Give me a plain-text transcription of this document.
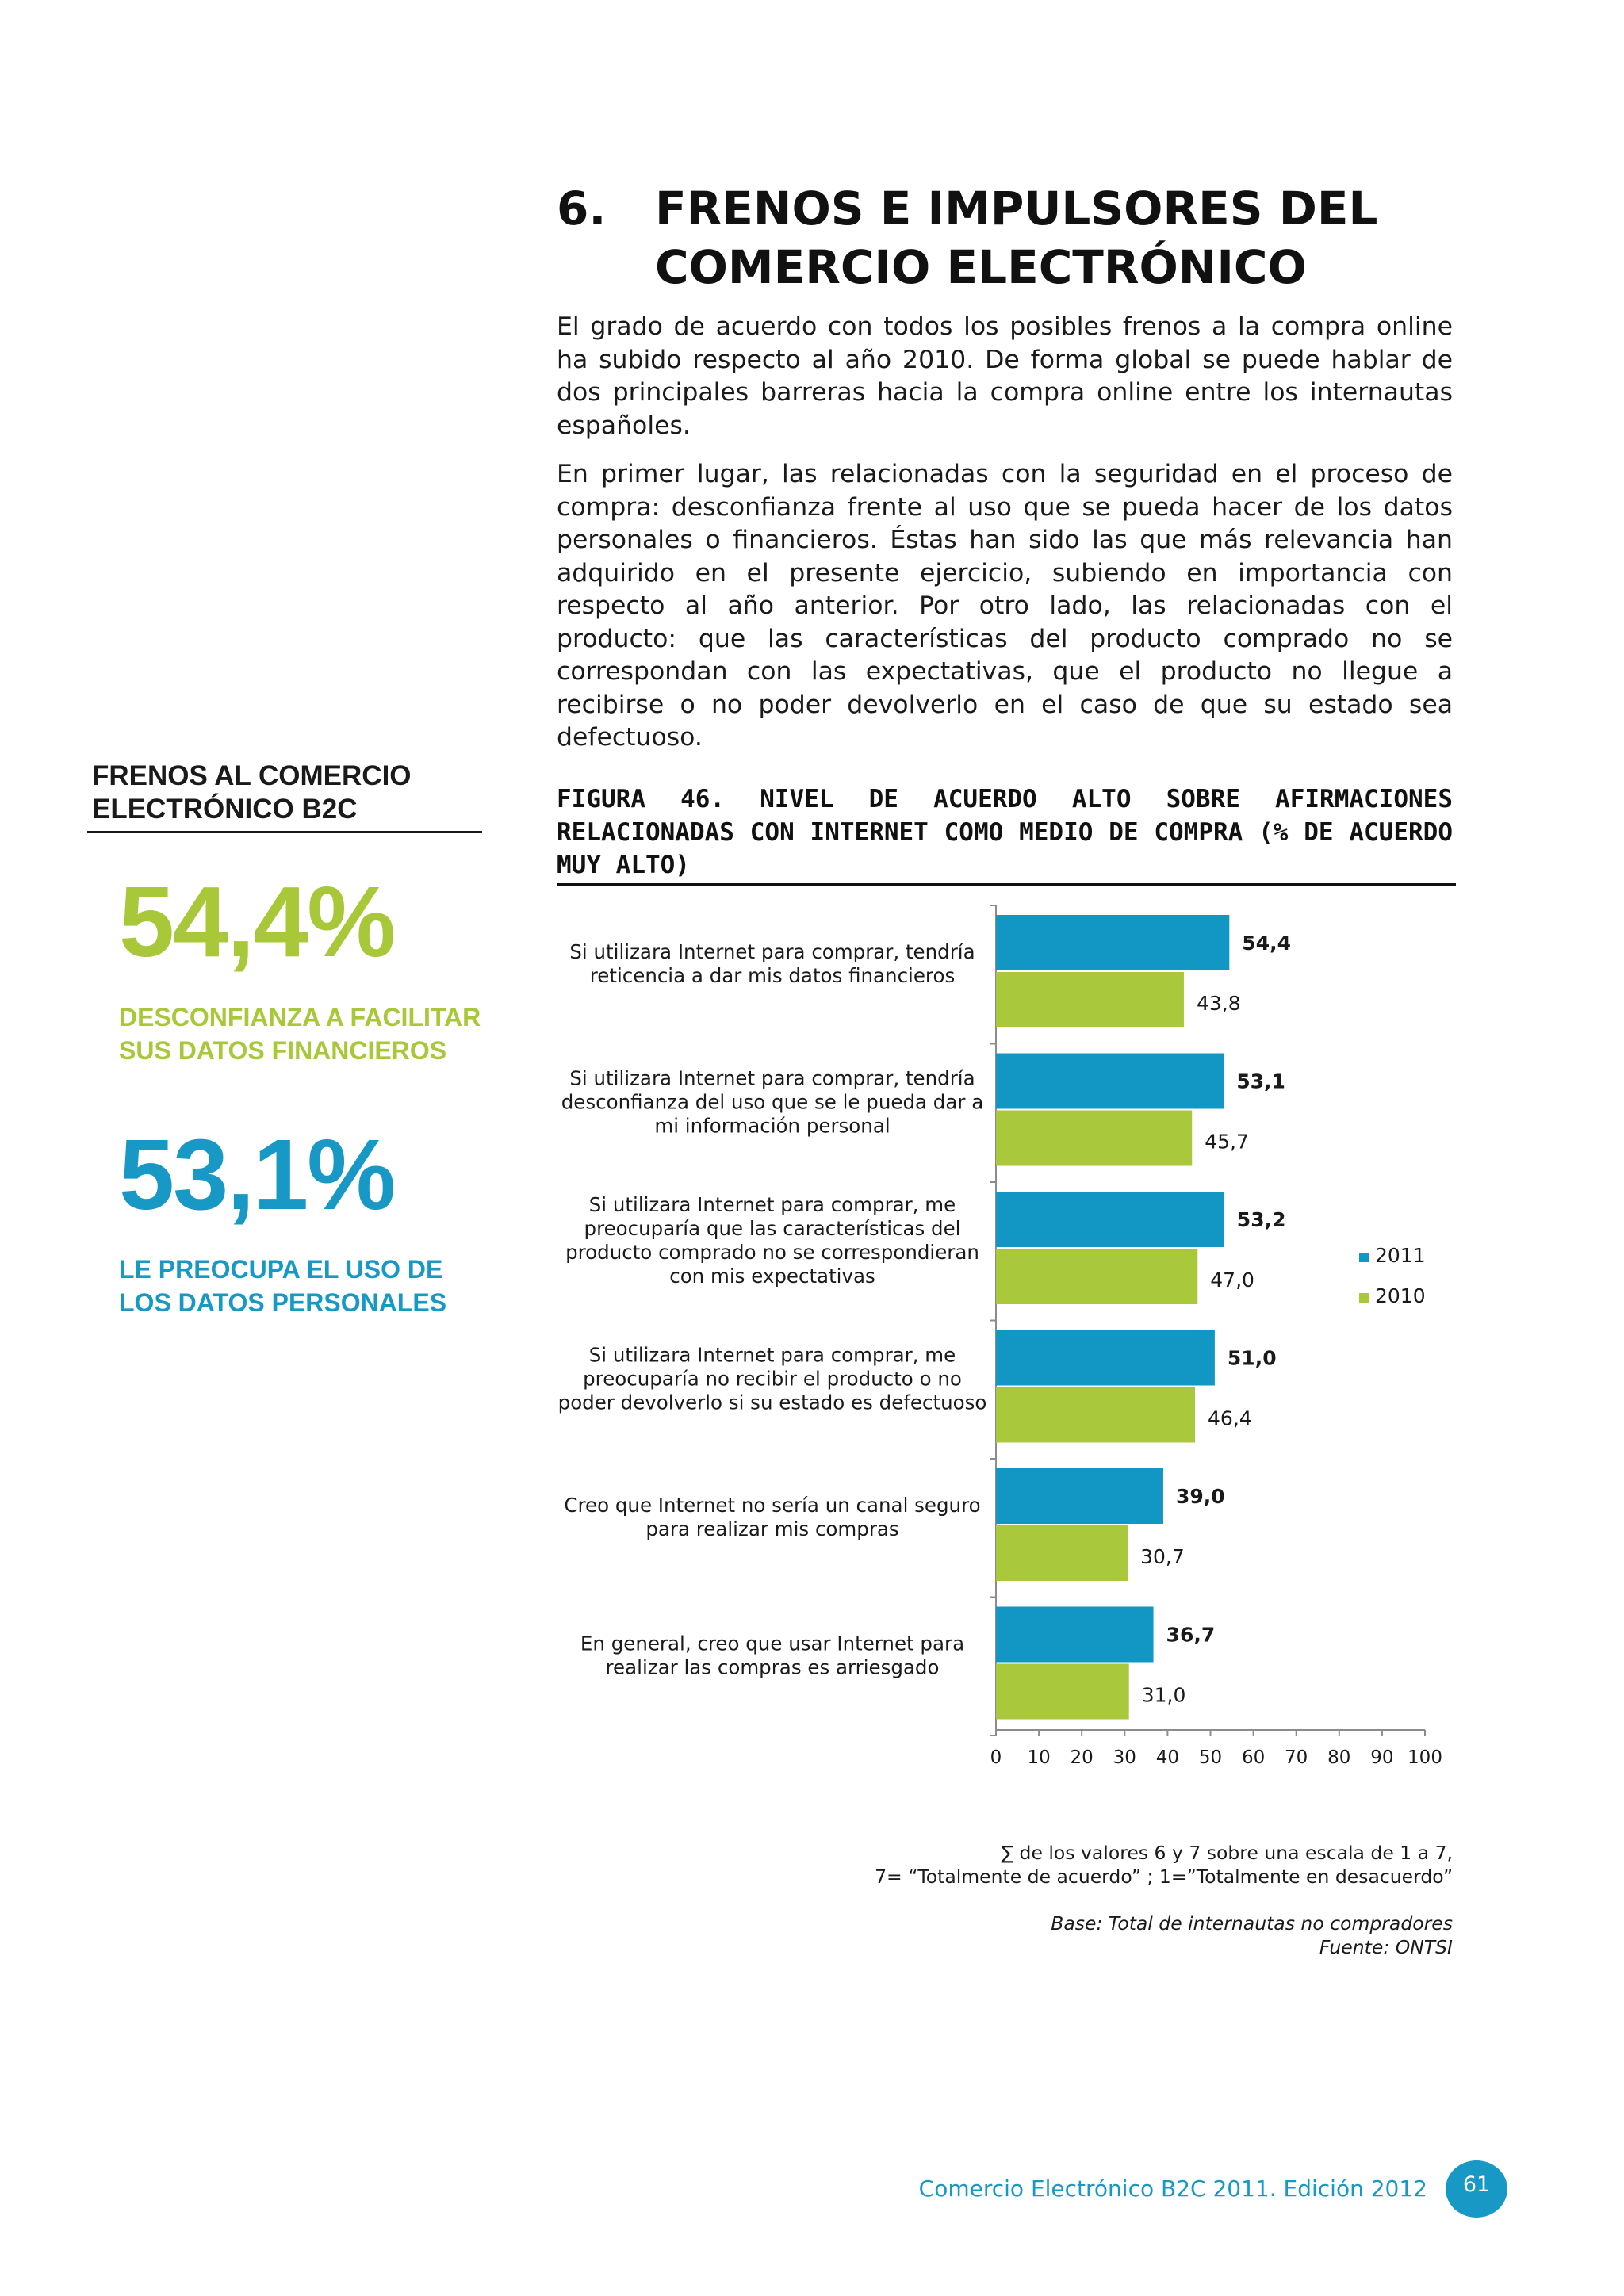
6. FRENOS E IMPULSORES DEL
COMERCIO ELECTRÓNICO

El grado de acuerdo con todos los posibles frenos a la compra online ha subido respecto al año 2010. De forma global se puede hablar de dos principales barreras hacia la compra online entre los internautas españoles.

En primer lugar, las relacionadas con la seguridad en el proceso de compra: desconfianza frente al uso que se pueda hacer de los datos personales o financieros. Éstas han sido las que más relevancia han adquirido en el presente ejercicio, subiendo en importancia con respecto al año anterior. Por otro lado, las relacionadas con el producto: que las características del producto comprado no se correspondan con las expectativas, que el producto no llegue a recibirse o no poder devolverlo en el caso de que su estado sea defectuoso.

FRENOS AL COMERCIO ELECTRÓNICO B2C
54,4%
DESCONFIANZA A FACILITAR SUS DATOS FINANCIEROS
53,1%
LE PREOCUPA EL USO DE LOS DATOS PERSONALES
FIGURA 46. NIVEL DE ACUERDO ALTO SOBRE AFIRMACIONES RELACIONADAS CON INTERNET COMO MEDIO DE COMPRA (% DE ACUERDO MUY ALTO)
0 10 20 30 40 50 60 70 80 90 100
54,4
43,8
Si utilizara Internet para comprar, tendría
reticencia a dar mis datos financieros
53,1
45,7
Si utilizara Internet para comprar, tendría
desconfianza del uso que se le pueda dar a
mi información personal
53,2
47,0
Si utilizara Internet para comprar, me
preocuparía que las características del
producto comprado no se correspondieran
con mis expectativas
51,0
46,4
Si utilizara Internet para comprar, me
preocuparía no recibir el producto o no
poder devolverlo si su estado es defectuoso
39,0
30,7
Creo que Internet no sería un canal seguro
para realizar mis compras
36,7
31,0
En general, creo que usar Internet para
realizar las compras es arriesgado
2011
2010
∑ de los valores 6 y 7 sobre una escala de 1 a 7,
7= “Totalmente de acuerdo” ; 1=”Totalmente en desacuerdo”
Base: Total de internautas no compradores
Fuente: ONTSI
Comercio Electrónico B2C 2011. Edición 2012	61
